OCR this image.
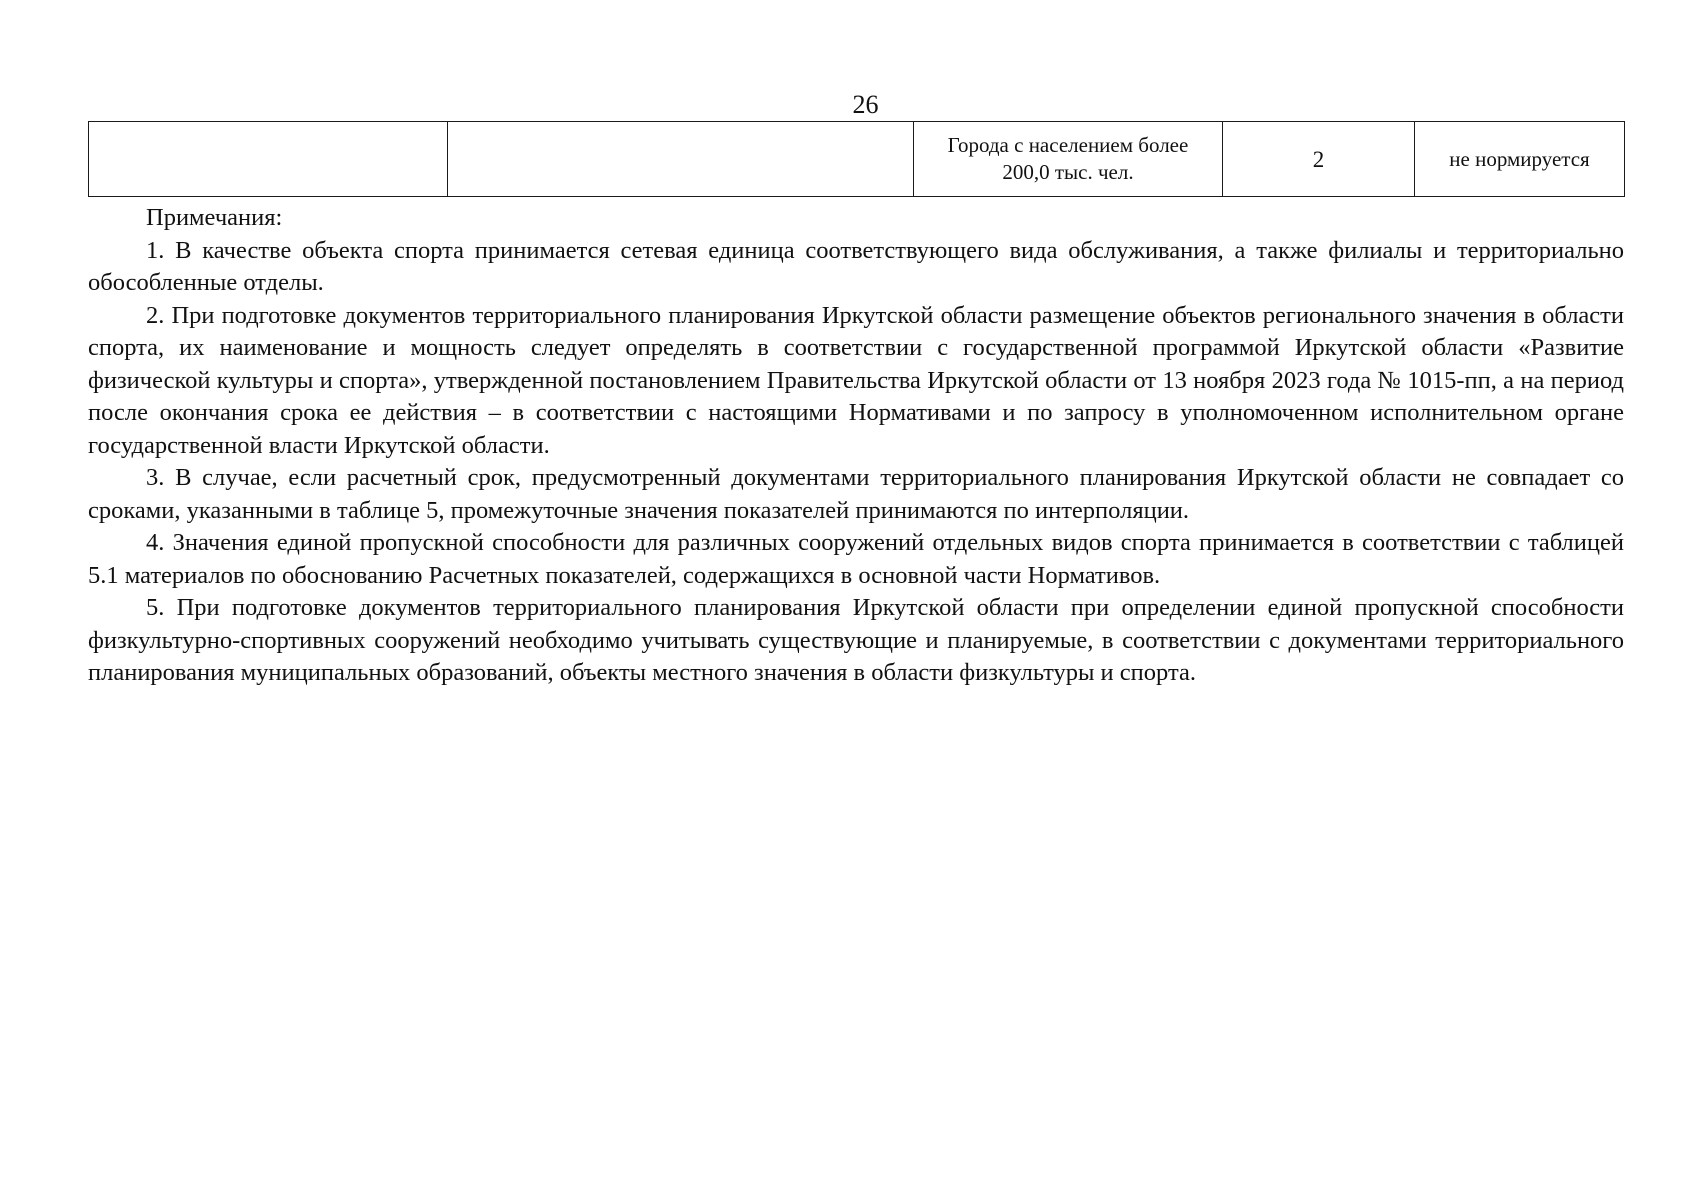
26
		Города с населением более 200,0 тыс. чел.	2	не нормируется

Примечания:

1. В качестве объекта спорта принимается сетевая единица соответствующего вида обслуживания, а также филиалы и территориально обособленные отделы.

2. При подготовке документов территориального планирования Иркутской области размещение объектов регионального значения в области спорта, их наименование и мощность следует определять в соответствии с государственной программой Иркутской области «Развитие физической культуры и спорта», утвержденной постановлением Правительства Иркутской области от 13 ноября 2023 года № 1015-пп, а на период после окончания срока ее действия – в соответствии с настоящими Нормативами и по запросу в уполномоченном исполнительном органе государственной власти Иркутской области.

3. В случае, если расчетный срок, предусмотренный документами территориального планирования Иркутской области не совпадает со сроками, указанными в таблице 5, промежуточные значения показателей принимаются по интерполяции.

4. Значения единой пропускной способности для различных сооружений отдельных видов спорта принимается в соответствии с таблицей 5.1 материалов по обоснованию Расчетных показателей, содержащихся в основной части Нормативов.

5. При подготовке документов территориального планирования Иркутской области при определении единой пропускной способности физкультурно-спортивных сооружений необходимо учитывать существующие и планируемые, в соответствии с документами территориального планирования муниципальных образований, объекты местного значения в области физкультуры и спорта.
